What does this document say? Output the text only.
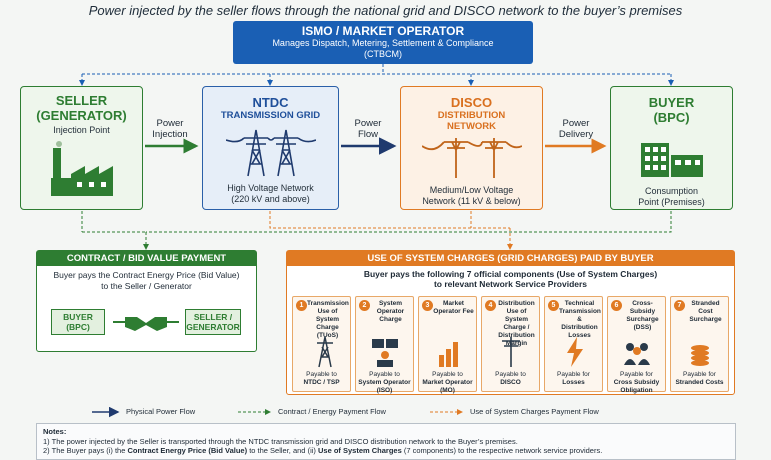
Power injected by the seller flows through the national grid and DISCO network to the buyer’s premises
ISMO / MARKET OPERATOR
Manages Dispatch, Metering, Settlement & Compliance
(CTBCM)
SELLER
(GENERATOR)
Injection Point
Power
Injection
Power
Flow
Power
Delivery
NTDC
TRANSMISSION GRID
High Voltage Network
(220 kV and above)
DISCO
DISTRIBUTION
NETWORK
Medium/Low Voltage
Network (11 kV & below)
BUYER
(BPC)
Consumption
Point (Premises)
CONTRACT / BID VALUE PAYMENT
Buyer pays the Contract Energy Price (Bid Value)
to the Seller / Generator
BUYER
(BPC)
SELLER /
GENERATOR
USE OF SYSTEM CHARGES (GRID CHARGES) PAID BY BUYER
Buyer pays the following 7 official components (Use of System Charges)
to relevant Network Service Providers
1 Transmission Use of System Charge (TUoS)
Payable to
NTDC / TSP
2	System Operator Charge
Payable to
System Operator (ISO)
3	Market Operator Fee
Payable to
Market Operator (MO)
4 Distribution Use of System Charge / Distribution Margin
Payable to
DISCO
5	Technical Transmission & Distribution Losses
Payable for
Losses
6	Cross-Subsidy Surcharge (DSS)
Payable for
Cross Subsidy Obligation
7	Stranded Cost Surcharge
Payable for
Stranded Costs
Physical Power Flow	Contract / Energy Payment Flow	Use of System Charges Payment Flow
Notes:
1) The power injected by the Seller is transported through the NTDC transmission grid and DISCO distribution network to the Buyer’s premises.
2) The Buyer pays (i) the Contract Energy Price (Bid Value) to the Seller, and (ii) Use of System Charges (7 components) to the respective network service providers.
